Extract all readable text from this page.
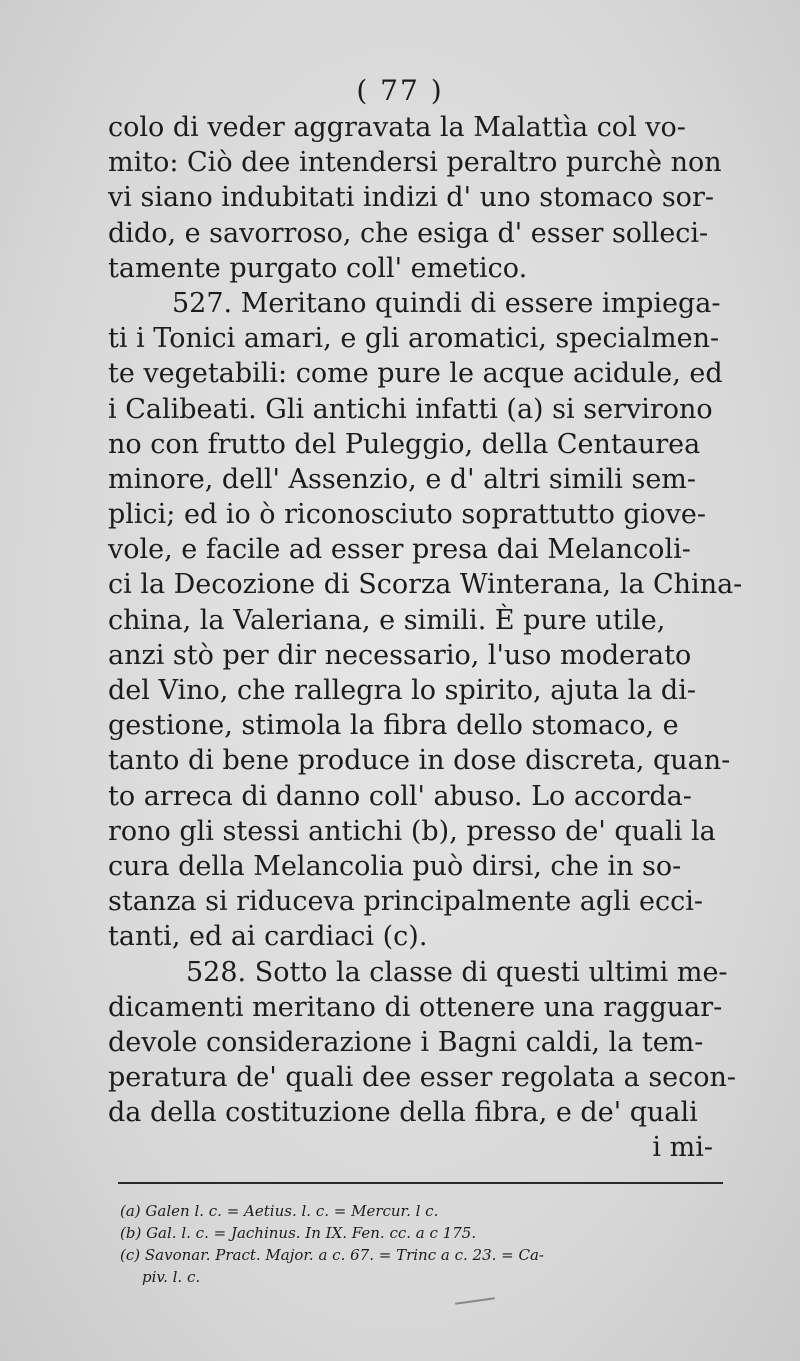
( 77 )
colo di veder aggravata la Malattìa col vo-
mito: Ciò dee intendersi peraltro purchè non
vi siano indubitati indizi d' uno stomaco sor-
dido, e savorroso, che esiga d' esser solleci-
tamente purgato coll' emetico.
527. Meritano quindi di essere impiega-
ti i Tonici amari, e gli aromatici, specialmen-
te vegetabili: come pure le acque acidule, ed
i Calibeati. Gli antichi infatti (a) si servirono
no con frutto del Puleggio, della Centaurea
minore, dell' Assenzio, e d' altri simili sem-
plici; ed io ò riconosciuto soprattutto giove-
vole, e facile ad esser presa dai Melancoli-
ci la Decozione di Scorza Winterana, la China-
china, la Valeriana, e simili. È pure utile,
anzi stò per dir necessario, l'uso moderato
del Vino, che rallegra lo spirito, ajuta la di-
gestione, stimola la fibra dello stomaco, e
tanto di bene produce in dose discreta, quan-
to arreca di danno coll' abuso. Lo accorda-
rono gli stessi antichi (b), presso de' quali la
cura della Melancolia può dirsi, che in so-
stanza si riduceva principalmente agli ecci-
tanti, ed ai cardiaci (c).
528. Sotto la classe di questi ultimi me-
dicamenti meritano di ottenere una ragguar-
devole considerazione i Bagni caldi, la tem-
peratura de' quali dee esser regolata a secon-
da della costituzione della fibra, e de' quali
i mi-
(a) Galen l. c. = Aetius. l. c. = Mercur. l c.
(b) Gal. l. c. = Jachinus. In IX. Fen. cc. a c 175.
(c) Savonar. Pract. Major. a c. 67. = Trinc a c. 23. = Ca-
piv. l. c.
